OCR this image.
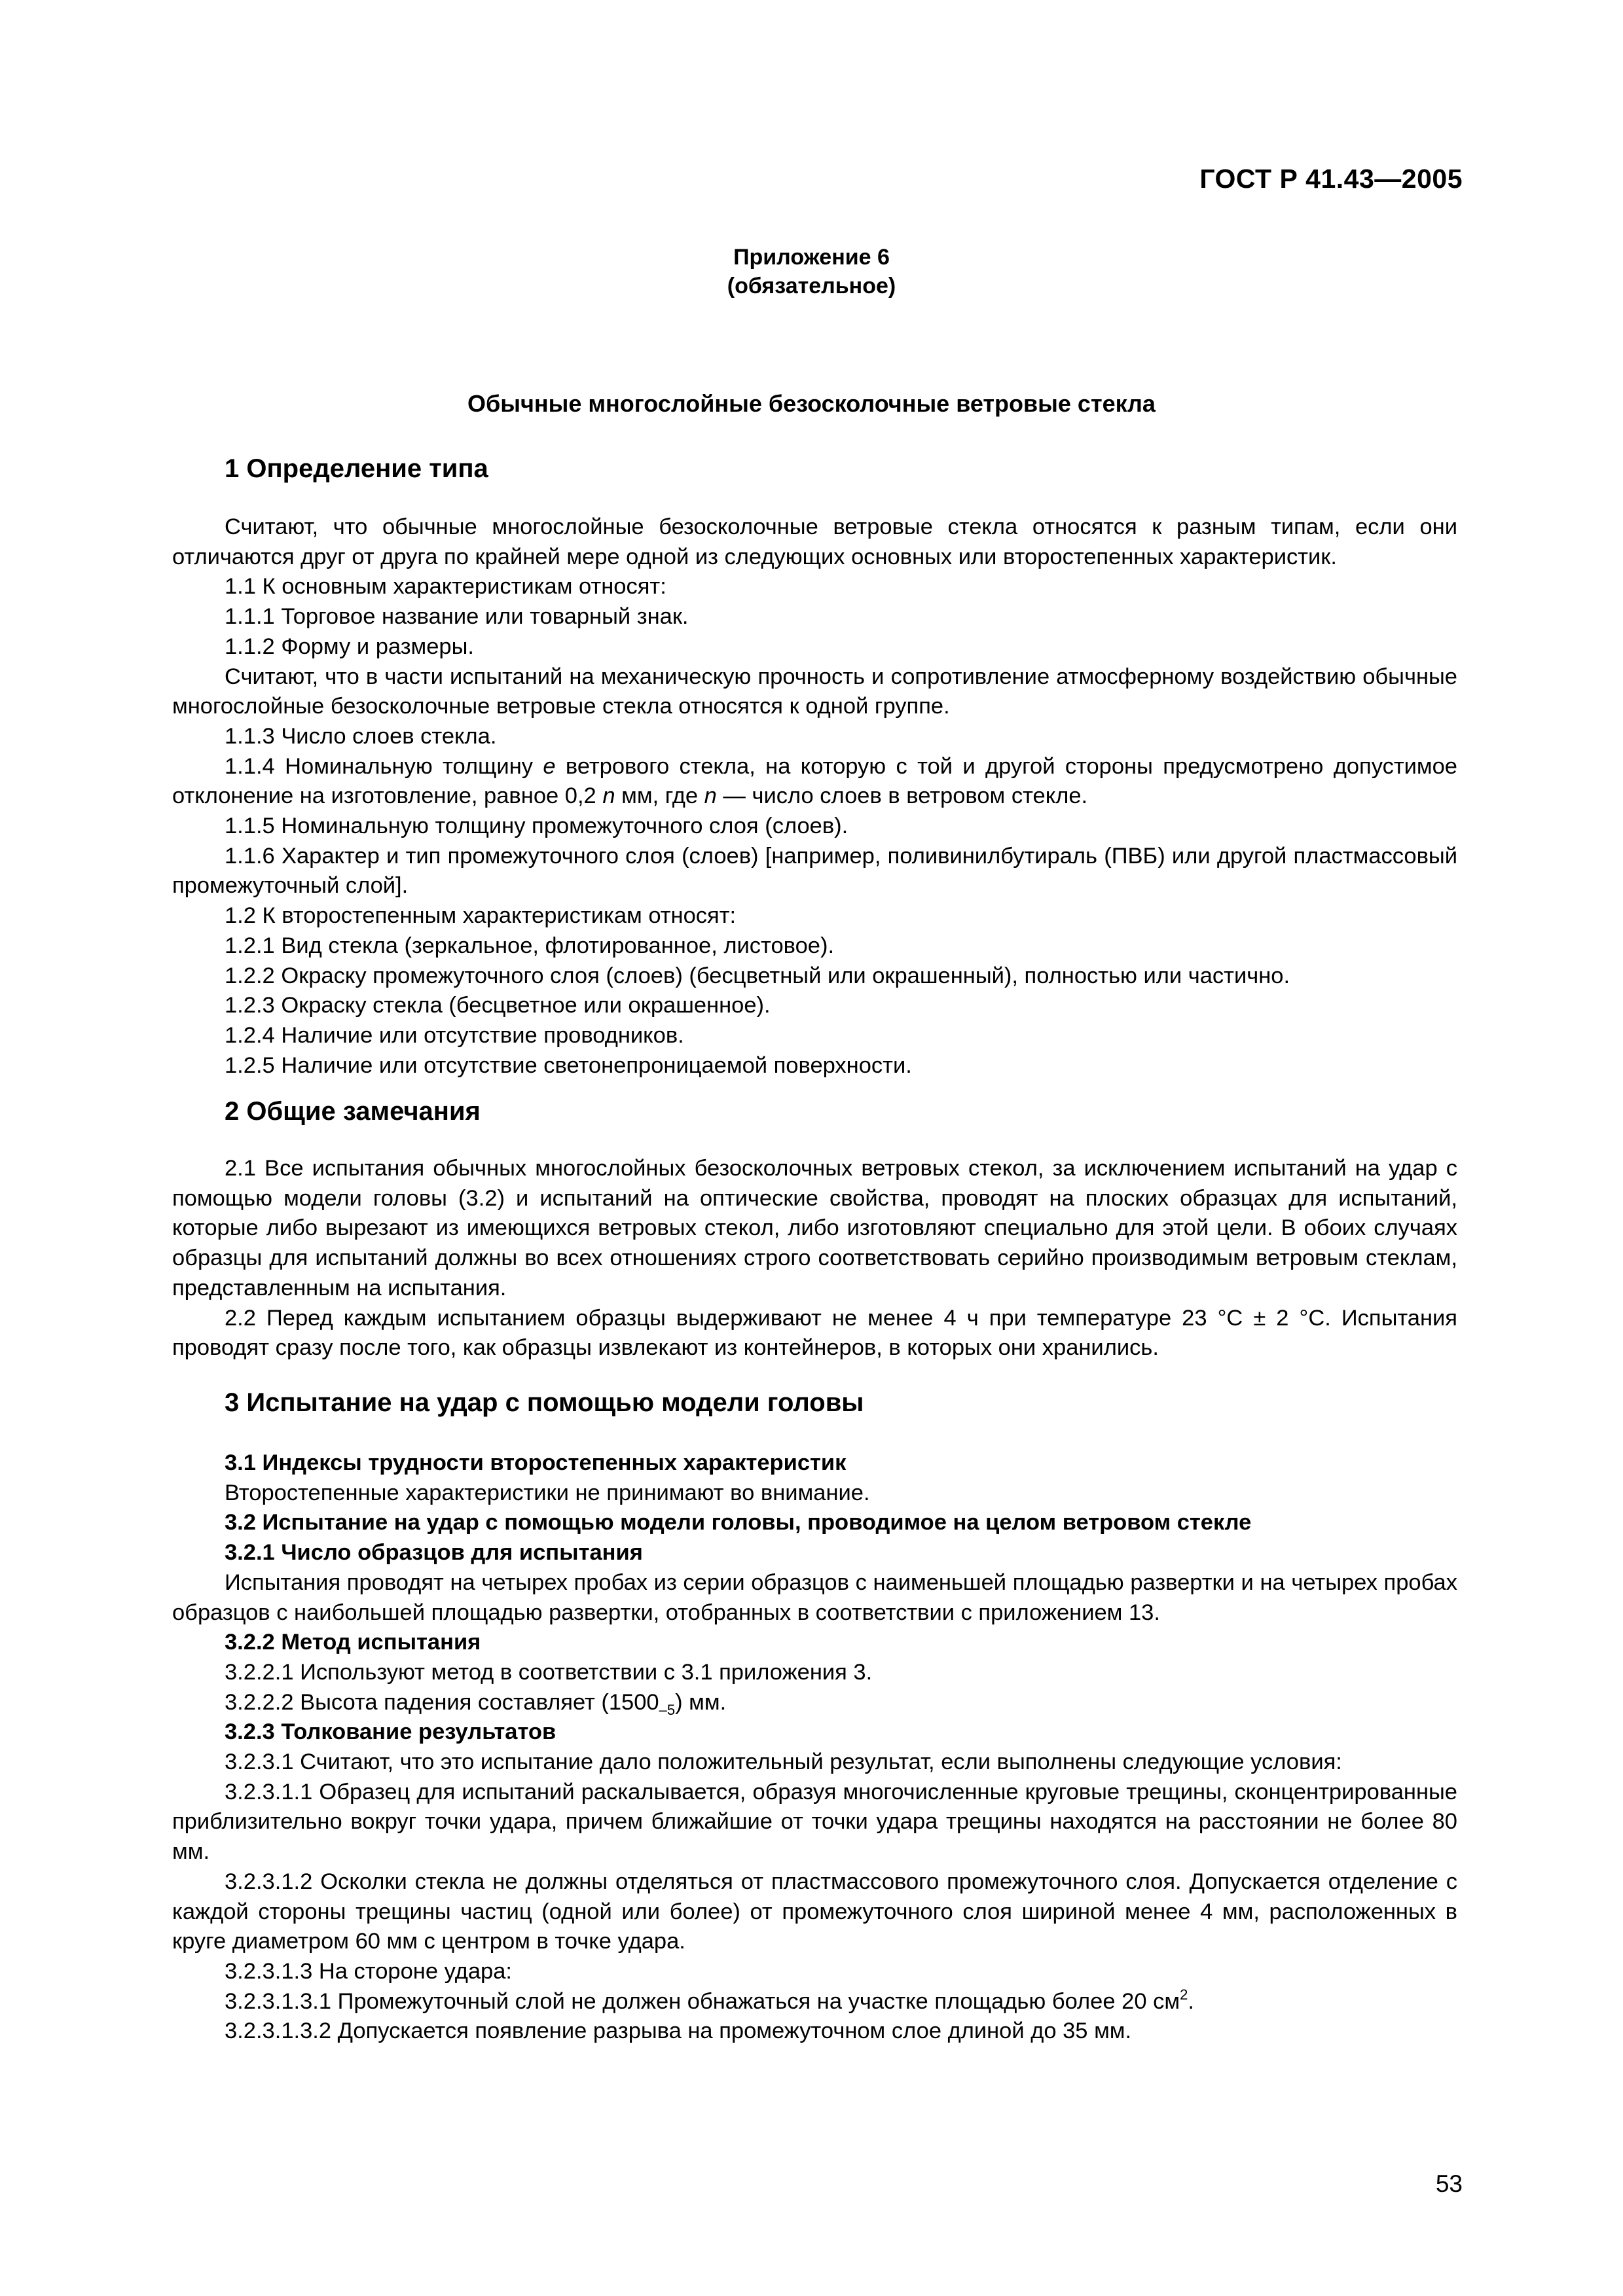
ГОСТ Р 41.43—2005
Приложение 6
(обязательное)
Обычные многослойные безосколочные ветровые стекла
1 Определение типа

Считают, что обычные многослойные безосколочные ветровые стекла относятся к разным типам, если они отличаются друг от друга по крайней мере одной из следующих основных или второстепенных характеристик.

1.1 К основным характеристикам относят:

1.1.1 Торговое название или товарный знак.

1.1.2 Форму и размеры.

Считают, что в части испытаний на механическую прочность и сопротивление атмосферному воздействию обычные многослойные безосколочные ветровые стекла относятся к одной группе.

1.1.3 Число слоев стекла.

1.1.4 Номинальную толщину e ветрового стекла, на которую с той и другой стороны предусмотрено допустимое отклонение на изготовление, равное 0,2 n мм, где n — число слоев в ветровом стекле.

1.1.5 Номинальную толщину промежуточного слоя (слоев).

1.1.6 Характер и тип промежуточного слоя (слоев) [например, поливинилбутираль (ПВБ) или другой пластмассовый промежуточный слой].

1.2 К второстепенным характеристикам относят:

1.2.1 Вид стекла (зеркальное, флотированное, листовое).

1.2.2 Окраску промежуточного слоя (слоев) (бесцветный или окрашенный), полностью или частично.

1.2.3 Окраску стекла (бесцветное или окрашенное).

1.2.4 Наличие или отсутствие проводников.

1.2.5 Наличие или отсутствие светонепроницаемой поверхности.

2 Общие замечания

2.1 Все испытания обычных многослойных безосколочных ветровых стекол, за исключением испытаний на удар с помощью модели головы (3.2) и испытаний на оптические свойства, проводят на плоских образцах для испытаний, которые либо вырезают из имеющихся ветровых стекол, либо изготовляют специально для этой цели. В обоих случаях образцы для испытаний должны во всех отношениях строго соответствовать серийно производимым ветровым стеклам, представленным на испытания.

2.2 Перед каждым испытанием образцы выдерживают не менее 4 ч при температуре 23 °С ± 2 °С. Испытания проводят сразу после того, как образцы извлекают из контейнеров, в которых они хранились.

3 Испытание на удар с помощью модели головы

3.1 Индексы трудности второстепенных характеристик

Второстепенные характеристики не принимают во внимание.

3.2 Испытание на удар с помощью модели головы, проводимое на целом ветровом стекле

3.2.1 Число образцов для испытания

Испытания проводят на четырех пробах из серии образцов с наименьшей площадью развертки и на четырех пробах образцов с наибольшей площадью развертки, отобранных в соответствии с приложением 13.

3.2.2 Метод испытания

3.2.2.1 Используют метод в соответствии с 3.1 приложения 3.

3.2.2.2 Высота падения составляет $(1500_{-5})$ мм.

3.2.3 Толкование результатов

3.2.3.1 Считают, что это испытание дало положительный результат, если выполнены следующие условия:

3.2.3.1.1 Образец для испытаний раскалывается, образуя многочисленные круговые трещины, сконцентрированные приблизительно вокруг точки удара, причем ближайшие от точки удара трещины находятся на расстоянии не более 80 мм.

3.2.3.1.2 Осколки стекла не должны отделяться от пластмассового промежуточного слоя. Допускается отделение с каждой стороны трещины частиц (одной или более) от промежуточного слоя шириной менее 4 мм, расположенных в круге диаметром 60 мм с центром в точке удара.

3.2.3.1.3 На стороне удара:

3.2.3.1.3.1 Промежуточный слой не должен обнажаться на участке площадью более 20 $см^2$.

3.2.3.1.3.2 Допускается появление разрыва на промежуточном слое длиной до 35 мм.

53
